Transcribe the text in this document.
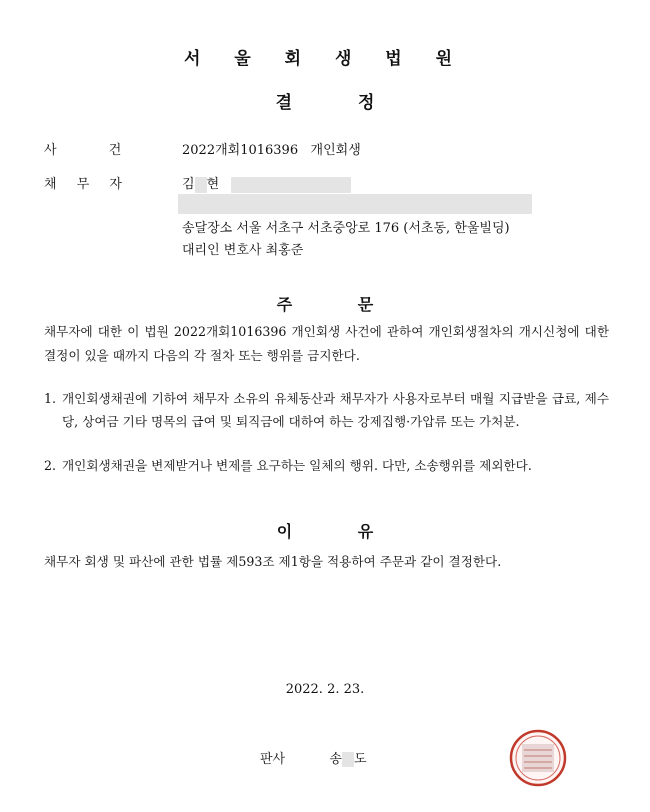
서 울 회 생 법 원
결 정
사 건	2022개회1016396 개인회생
채 무 자	김 현
송달장소 서울 서초구 서초중앙로 176 (서초동, 한울빌딩)
대리인 변호사 최홍준
주 문
채무자에 대한 이 법원 2022개회1016396 개인회생 사건에 관하여 개인회생절차의 개시신청에 대한 결정이 있을 때까지 다음의 각 절차 또는 행위를 금지한다.
1. 개인회생채권에 기하여 채무자 소유의 유체동산과 채무자가 사용자로부터 매월 지급받을 급료, 제수당, 상여금 기타 명목의 급여 및 퇴직금에 대하여 하는 강제집행·가압류 또는 가처분.
2. 개인회생채권을 변제받거나 변제를 요구하는 일체의 행위. 다만, 소송행위를 제외한다.
이 유
채무자 회생 및 파산에 관한 법률 제593조 제1항을 적용하여 주문과 같이 결정한다.
2022. 2. 23.
판사	송 도
